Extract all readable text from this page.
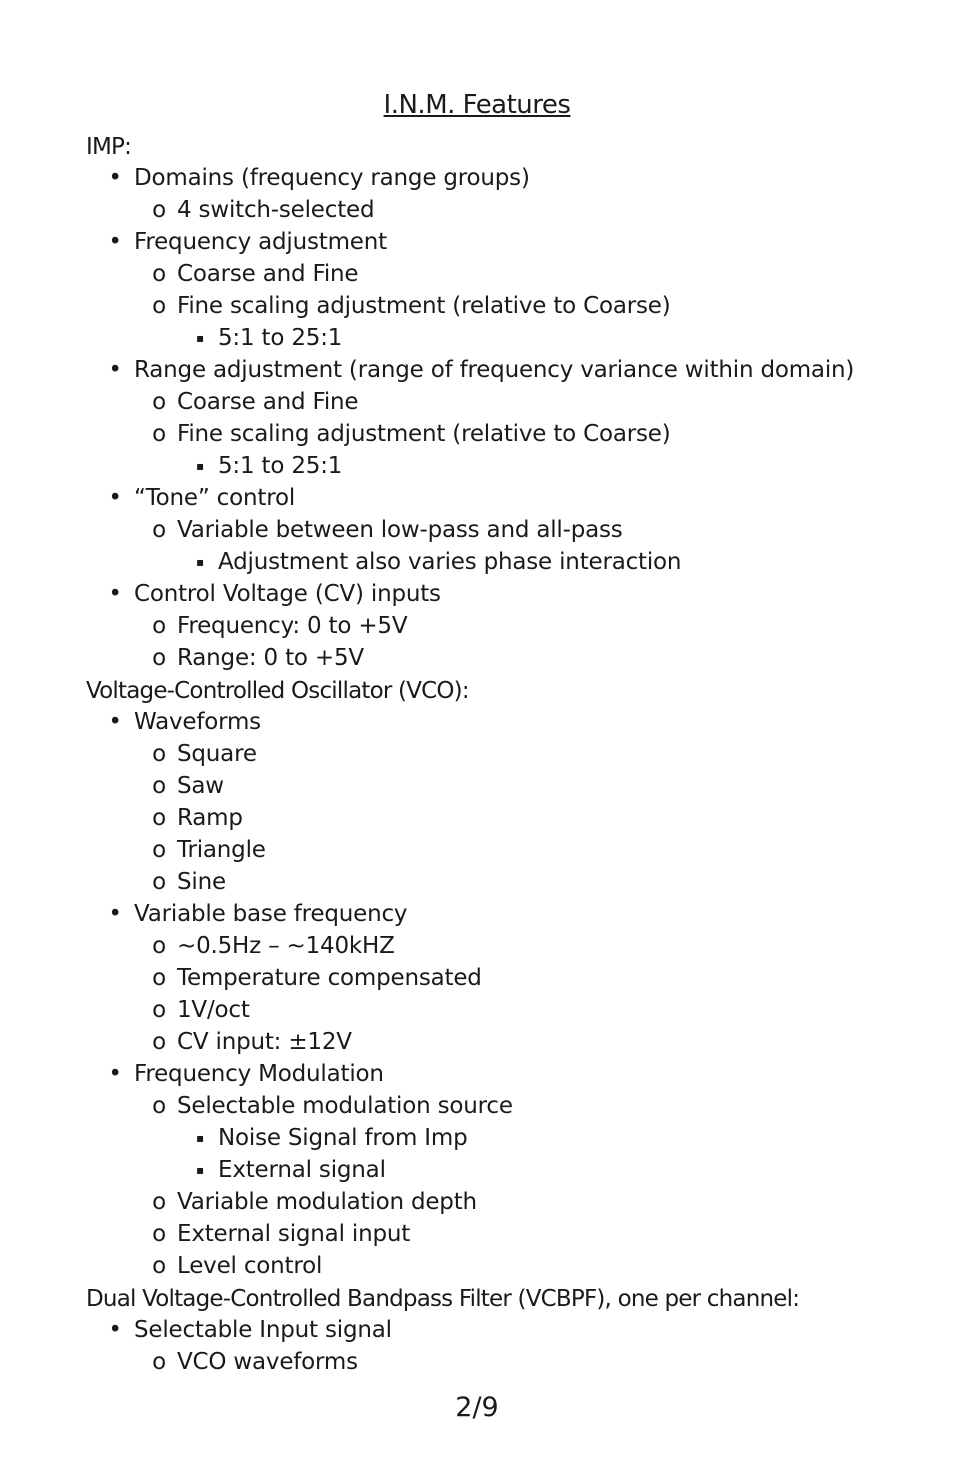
I.N.M. Features
IMP:
• Domains (frequency range groups)
o 4 switch-selected
• Frequency adjustment
o Coarse and Fine
o Fine scaling adjustment (relative to Coarse)
▪ 5:1 to 25:1
• Range adjustment (range of frequency variance within domain)
o Coarse and Fine
o Fine scaling adjustment (relative to Coarse)
▪ 5:1 to 25:1
• “Tone” control
o Variable between low-pass and all-pass
▪ Adjustment also varies phase interaction
• Control Voltage (CV) inputs
o Frequency: 0 to +5V
o Range: 0 to +5V
Voltage-Controlled Oscillator (VCO):
• Waveforms
o Square
o Saw
o Ramp
o Triangle
o Sine
• Variable base frequency
o ~0.5Hz – ~140kHZ
o Temperature compensated
o 1V/oct
o CV input: ±12V
• Frequency Modulation
o Selectable modulation source
▪ Noise Signal from Imp
▪ External signal
o Variable modulation depth
o External signal input
o Level control
Dual Voltage-Controlled Bandpass Filter (VCBPF), one per channel:
• Selectable Input signal
o VCO waveforms
2/9
